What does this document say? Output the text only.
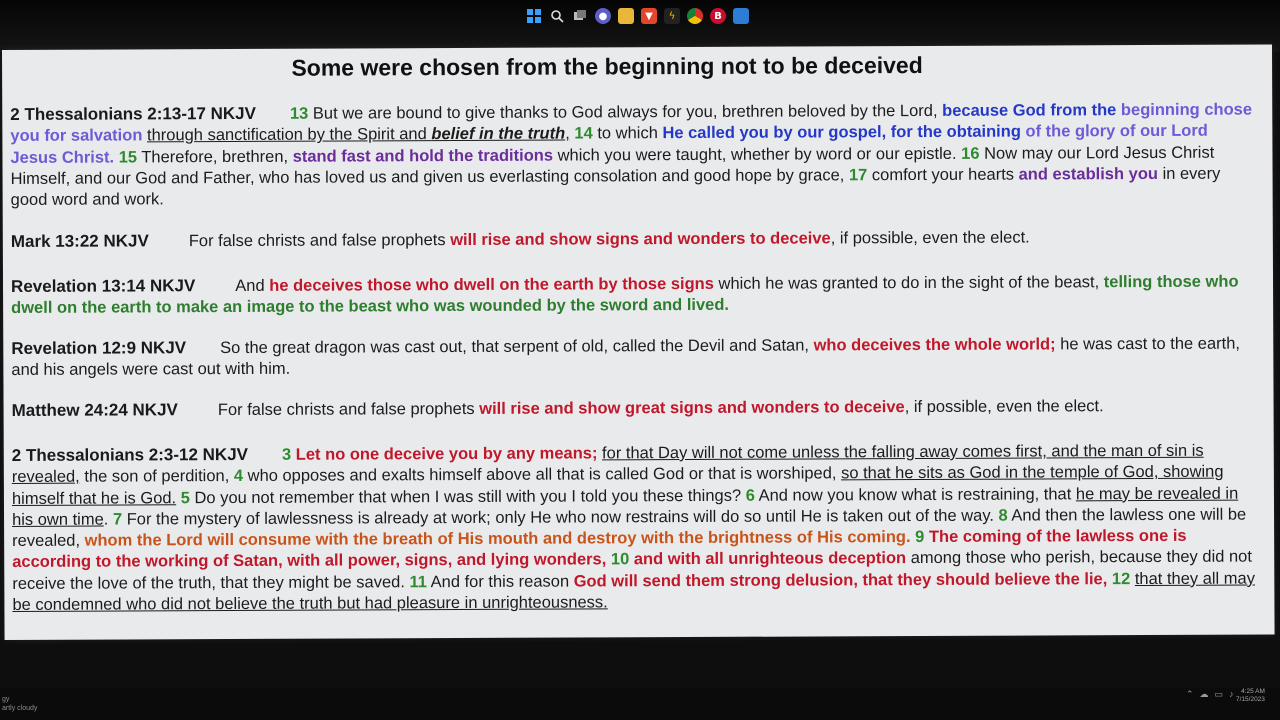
Some were chosen from the beginning not to be deceived
2 Thessalonians 2:13-17 NKJV 13 But we are bound to give thanks to God always for you, brethren beloved by the Lord, because God from the beginning chose you for salvation through sanctification by the Spirit and belief in the truth, 14 to which He called you by our gospel, for the obtaining of the glory of our Lord Jesus Christ. 15 Therefore, brethren, stand fast and hold the traditions which you were taught, whether by word or our epistle. 16 Now may our Lord Jesus Christ Himself, and our God and Father, who has loved us and given us everlasting consolation and good hope by grace, 17 comfort your hearts and establish you in every good word and work.
Mark 13:22 NKJV For false christs and false prophets will rise and show signs and wonders to deceive, if possible, even the elect.
Revelation 13:14 NKJV And he deceives those who dwell on the earth by those signs which he was granted to do in the sight of the beast, telling those who dwell on the earth to make an image to the beast who was wounded by the sword and lived.
Revelation 12:9 NKJV So the great dragon was cast out, that serpent of old, called the Devil and Satan, who deceives the whole world; he was cast to the earth, and his angels were cast out with him.
Matthew 24:24 NKJV For false christs and false prophets will rise and show great signs and wonders to deceive, if possible, even the elect.
2 Thessalonians 2:3-12 NKJV 3 Let no one deceive you by any means; for that Day will not come unless the falling away comes first, and the man of sin is revealed, the son of perdition, 4 who opposes and exalts himself above all that is called God or that is worshiped, so that he sits as God in the temple of God, showing himself that he is God. 5 Do you not remember that when I was still with you I told you these things? 6 And now you know what is restraining, that he may be revealed in his own time. 7 For the mystery of lawlessness is already at work; only He who now restrains will do so until He is taken out of the way. 8 And then the lawless one will be revealed, whom the Lord will consume with the breath of His mouth and destroy with the brightness of His coming. 9 The coming of the lawless one is according to the working of Satan, with all power, signs, and lying wonders, 10 and with all unrighteous deception among those who perish, because they did not receive the love of the truth, that they might be saved. 11 And for this reason God will send them strong delusion, that they should believe the lie, 12 that they all may be condemned who did not believe the truth but had pleasure in unrighteousness.
gy
artly cloudy
●	▼	ϟ	B
⌃ ☁ ▭ ♪	4:25 AM
7/15/2023
